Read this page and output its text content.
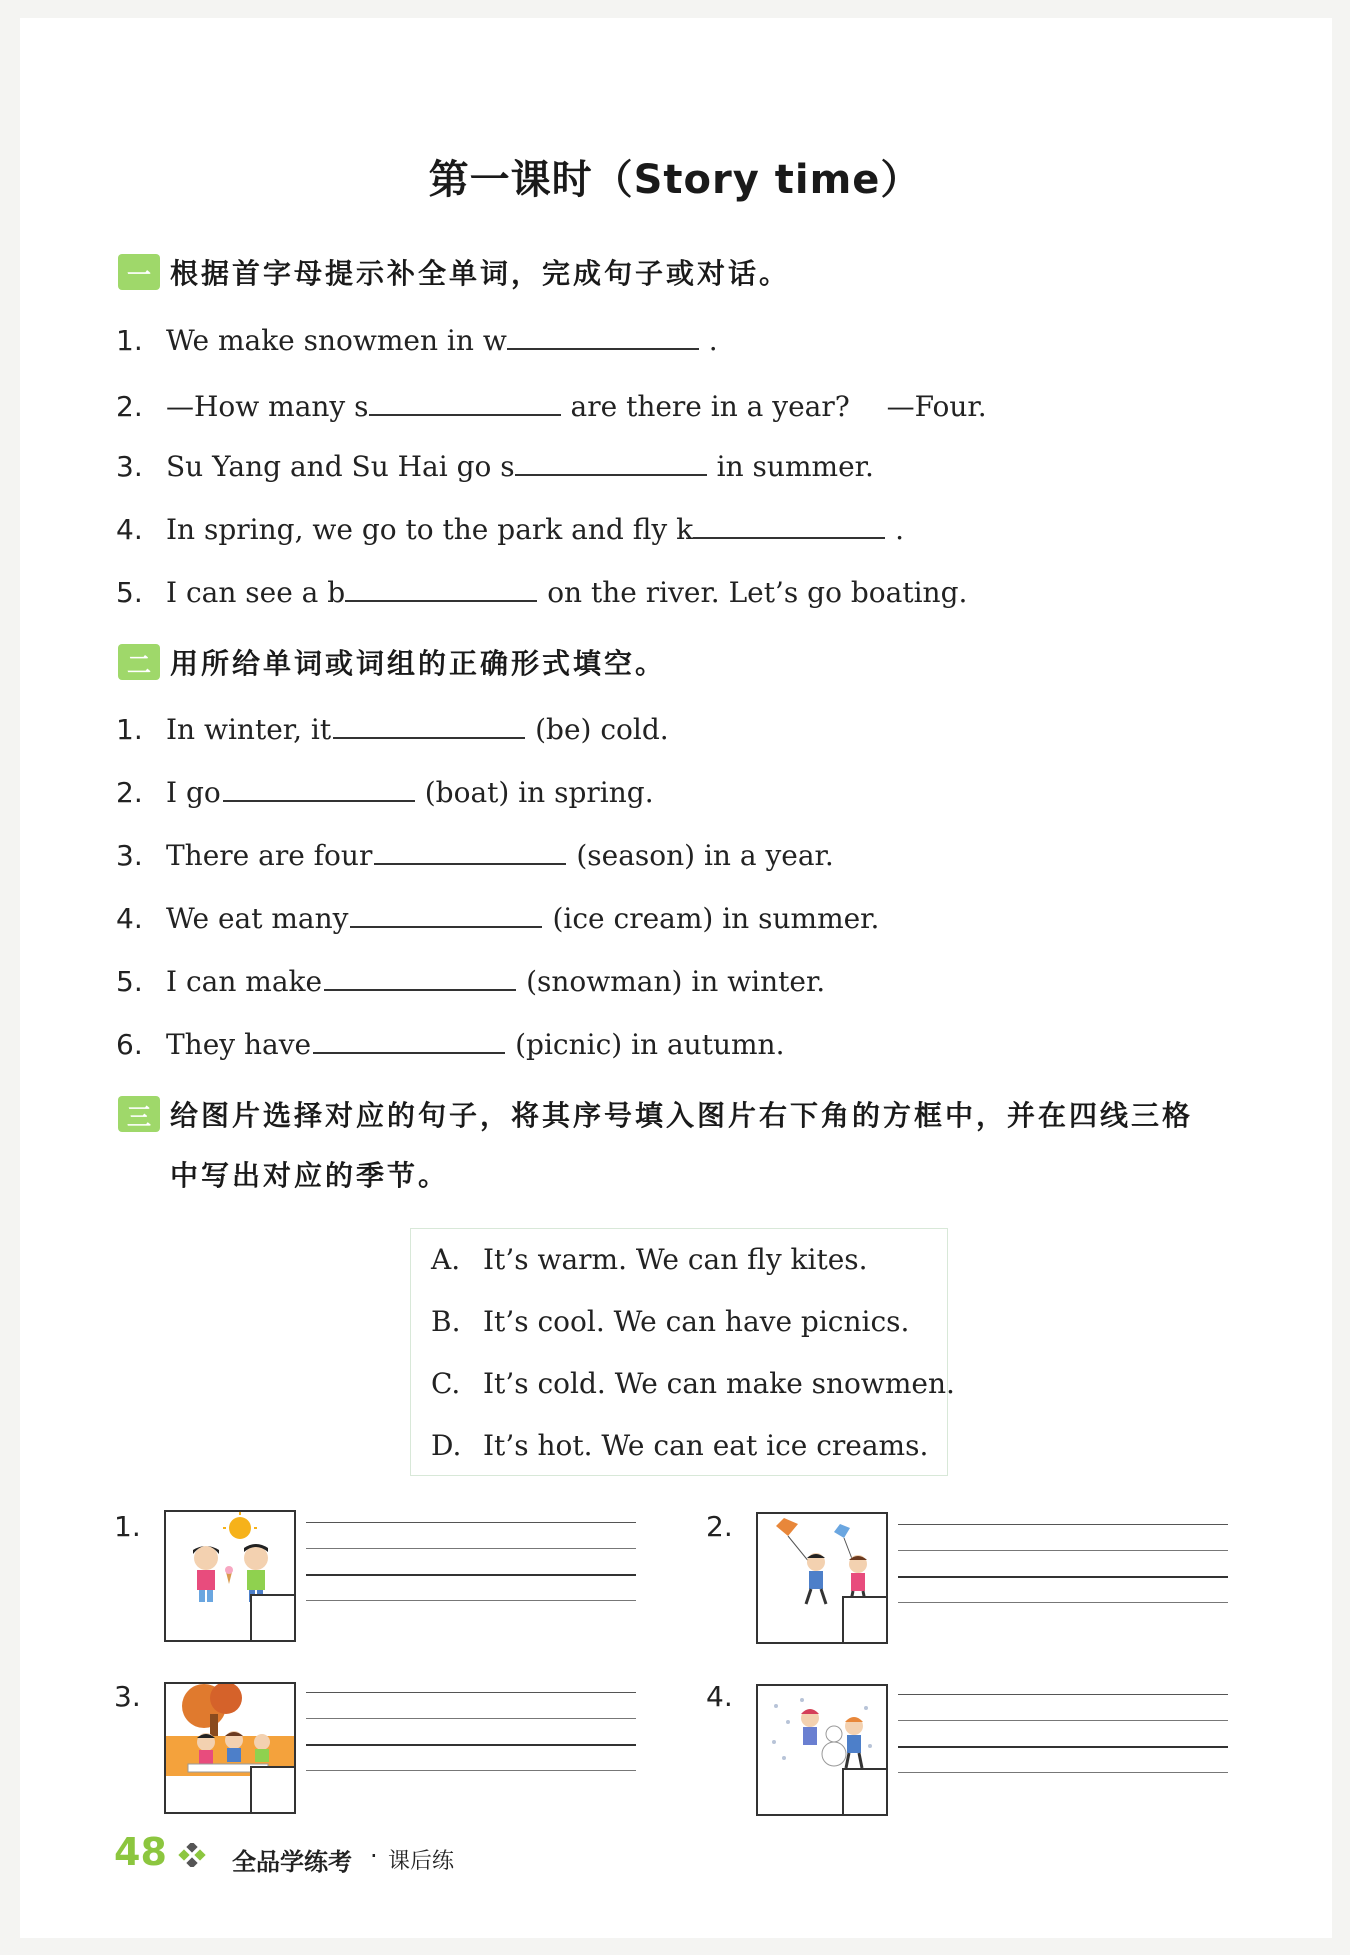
第一课时（Story time）
一 根据首字母提示补全单词，完成句子或对话。
1. We make snowmen in w	.
2. —How many s	are there in a year?　 —Four.
3. Su Yang and Su Hai go s	in summer.
4. In spring, we go to the park and fly k	.
5. I can see a b	on the river. Let’s go boating.
二 用所给单词或词组的正确形式填空。
1. In winter, it	(be) cold.
2. I go	(boat) in spring.
3. There are four	(season) in a year.
4. We eat many	(ice cream) in summer.
5. I can make	(snowman) in winter.
6. They have	(picnic) in autumn.
三 给图片选择对应的句子，将其序号填入图片右下角的方框中，并在四线三格
中写出对应的季节。
A. It’s warm. We can fly kites.
B. It’s cool. We can have picnics.
C. It’s cold. We can make snowmen.
D. It’s hot. We can eat ice creams.
1.	2.
3.	4.
48	全品学练考 · 课后练
